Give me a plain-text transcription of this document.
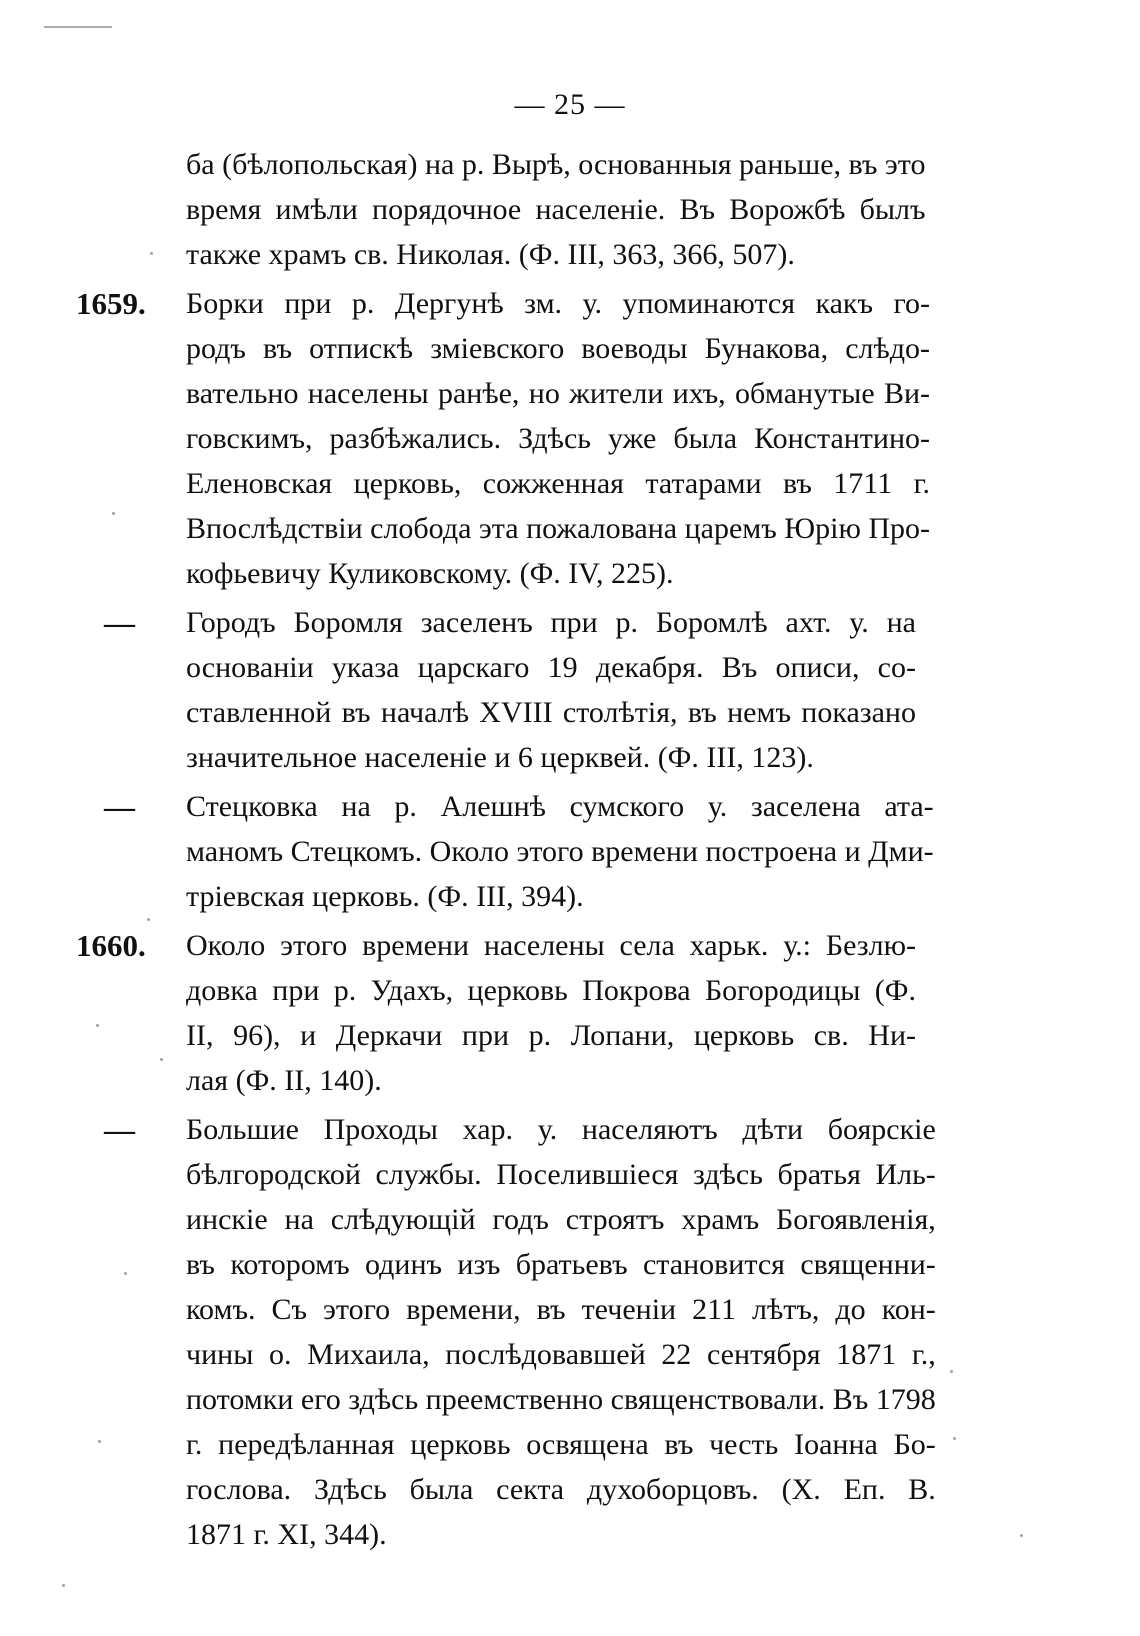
— 25 —
ба (бѣлопольская) на р. Вырѣ, основанныя раньше, въ это
время имѣли порядочное населеніе. Въ Ворожбѣ былъ
также храмъ св. Николая. (Ф. III, 363, 366, 507).
1659.	Борки при р. Дергунѣ зм. у. упоминаются какъ го-
родъ въ отпискѣ зміевского воеводы Бунакова, слѣдо-
вательно населены ранѣе, но жители ихъ, обманутые Ви-
говскимъ, разбѣжались. Здѣсь уже была Константино-
Еленовская церковь, сожженная татарами въ 1711 г.
Впослѣдствіи слобода эта пожалована царемъ Юрію Про-
кофьевичу Куликовскому. (Ф. IV, 225).
—	Городъ Боромля заселенъ при р. Боромлѣ ахт. у. на
основаніи указа царскаго 19 декабря. Въ описи, со-
ставленной въ началѣ XVIII столѣтія, въ немъ показано
значительное населеніе и 6 церквей. (Ф. III, 123).
—	Стецковка на р. Алешнѣ сумского у. заселена ата-
маномъ Стецкомъ. Около этого времени построена и Дми-
тріевская церковь. (Ф. III, 394).
1660.	Около этого времени населены села харьк. у.: Безлю-
довка при р. Удахъ, церковь Покрова Богородицы (Ф.
II, 96), и Деркачи при р. Лопани, церковь св. Ни-
лая (Ф. II, 140).
—	Большие Проходы хар. у. населяютъ дѣти боярскіе
бѣлгородской службы. Поселившіеся здѣсь братья Иль-
инскіе на слѣдующій годъ строятъ храмъ Богоявленія,
въ которомъ одинъ изъ братьевъ становится священни-
комъ. Съ этого времени, въ теченіи 211 лѣтъ, до кон-
чины о. Михаила, послѣдовавшей 22 сентября 1871 г.,
потомки его здѣсь преемственно священствовали. Въ 1798
г. передѣланная церковь освящена въ честь Іоанна Бо-
гослова. Здѣсь была секта духоборцовъ. (Х. Еп. В.
1871 г. XI, 344).
